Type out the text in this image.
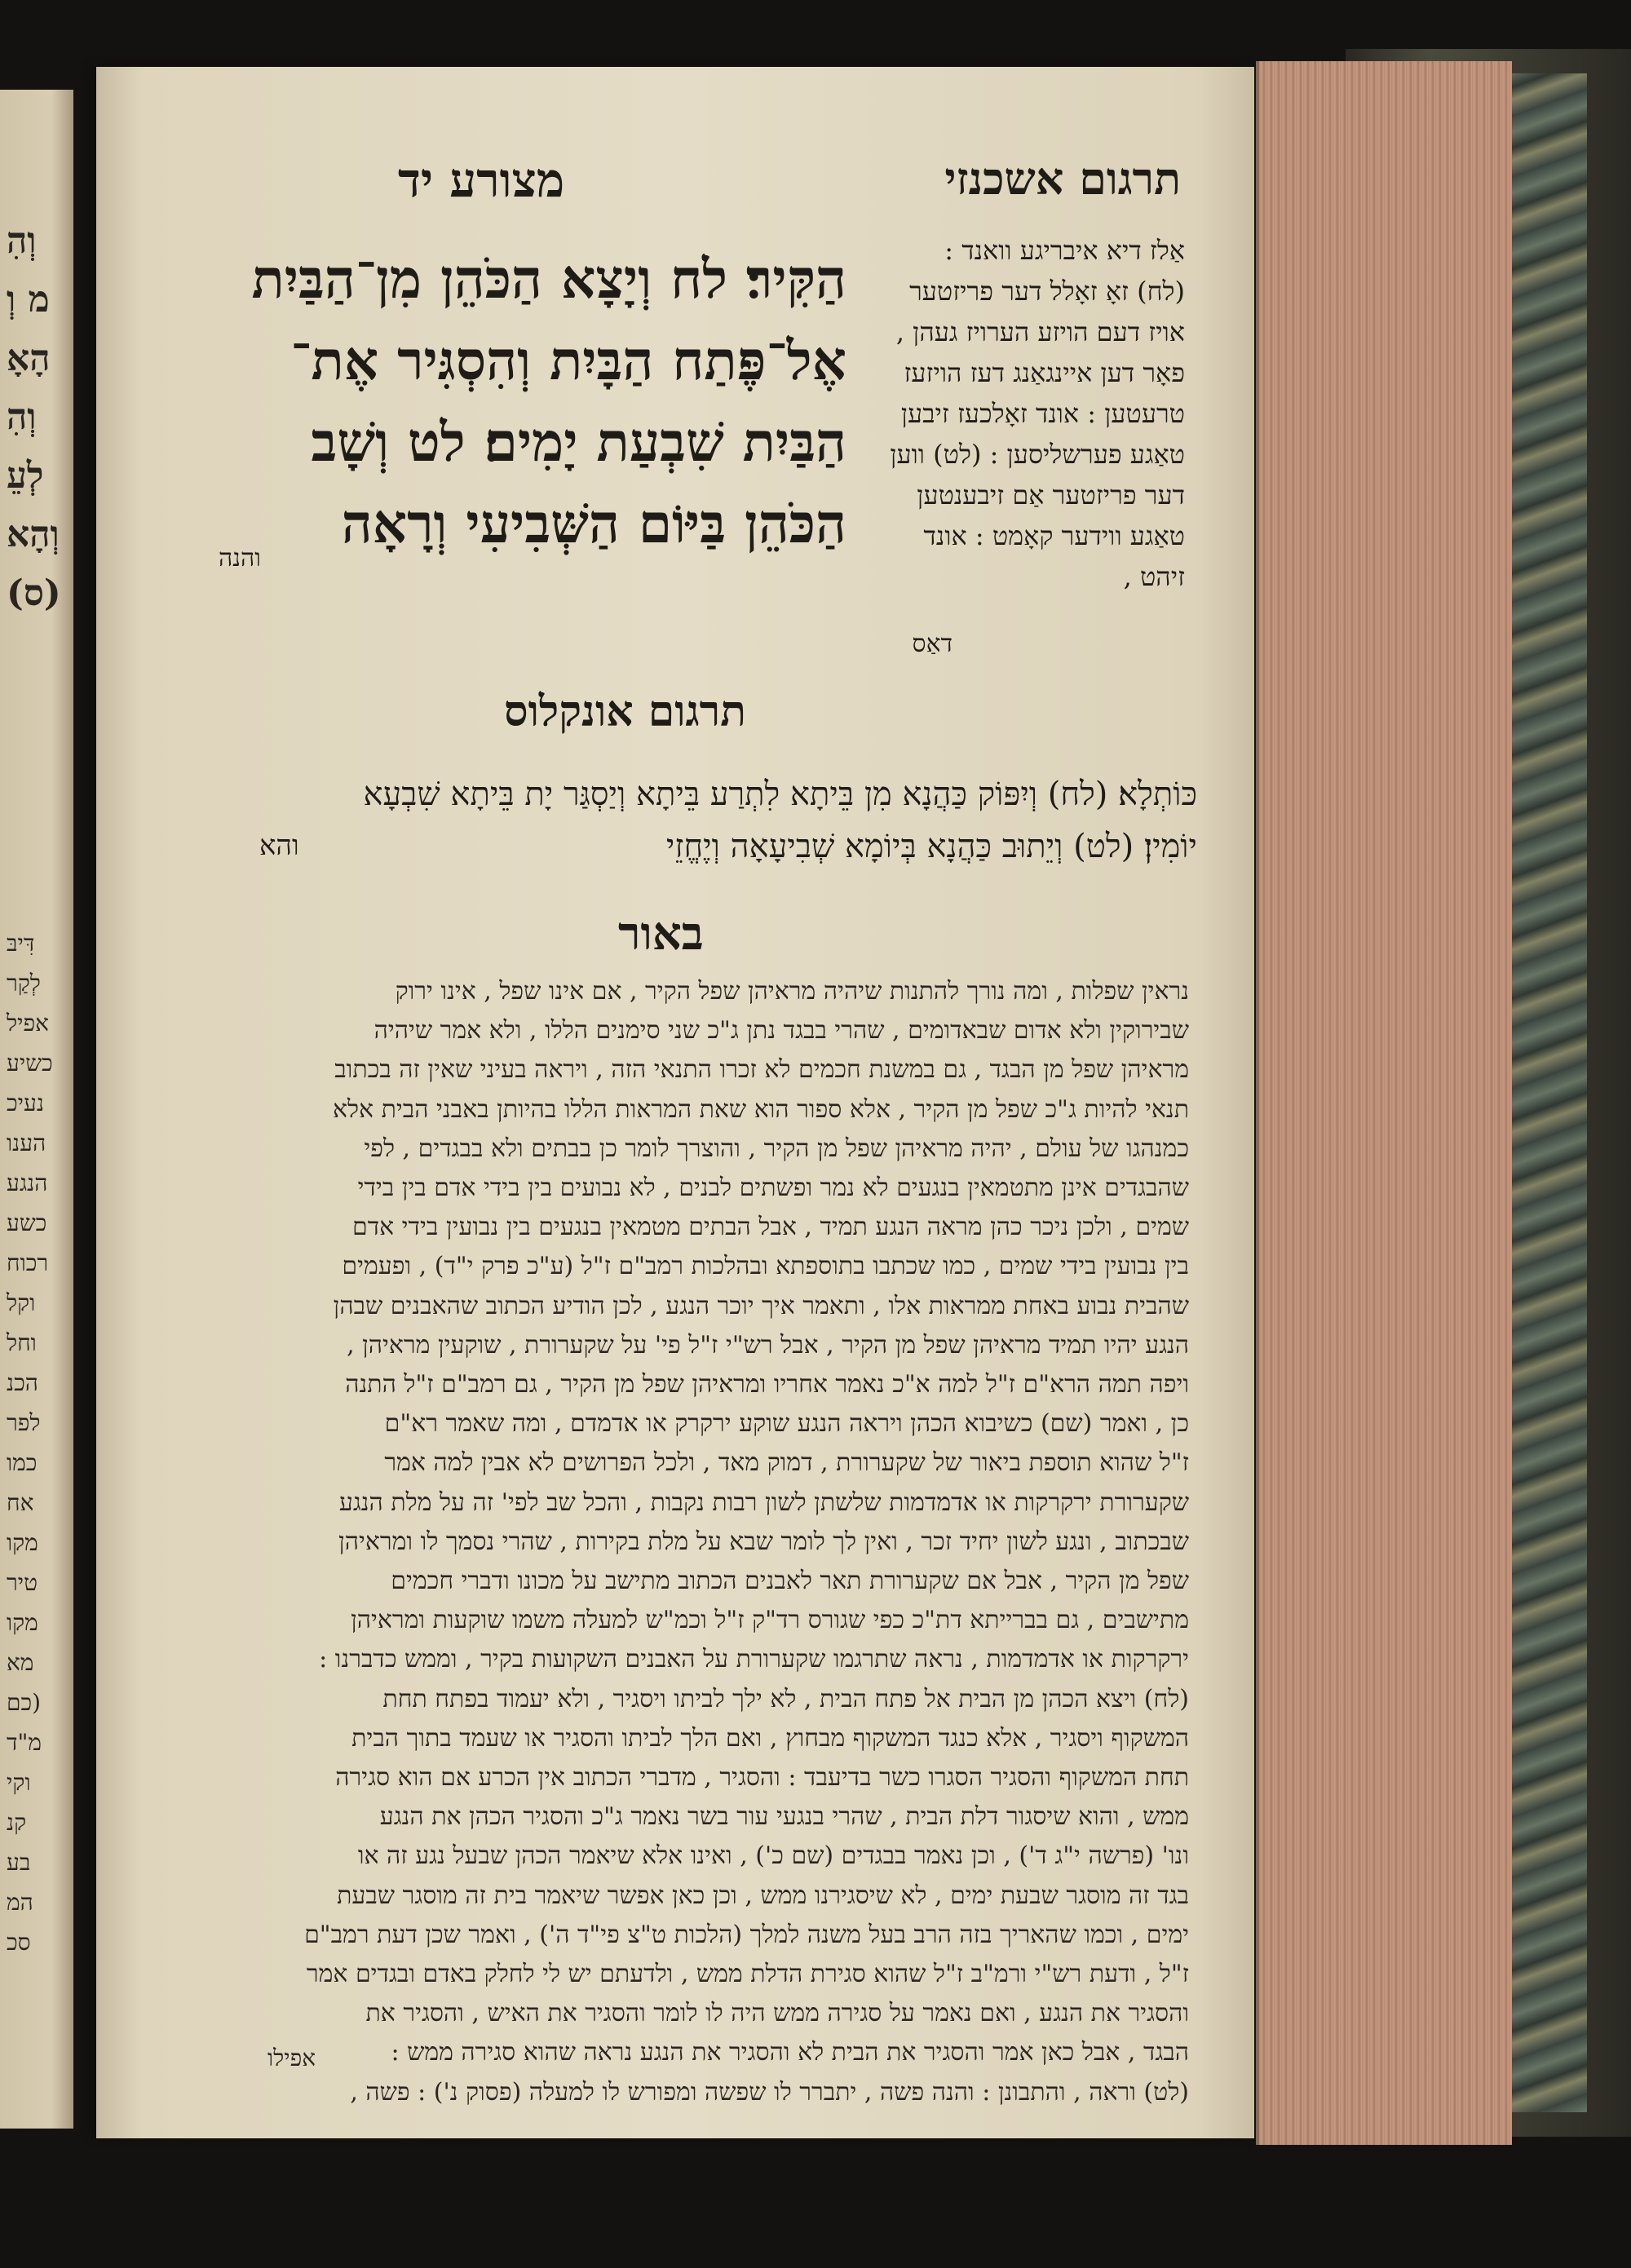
וְהִ
מ וְ
הָאָ
וְהִ
לְעֵ
וְהָא
(ס)
דִּיבּ
לְקַר
אפיל
כשיע
נעיכ
הענו
הנגע
כשע
רכוח
וקל
וחל
הכנ
לפר
כמו
אח
מקו
טיר
מקו
מא
(כם
מ"ד
וקי
קנ
בע
המ
סכ
מצורע יד	תרגום אשכנזי
הַקִּיר׃ לח וְיָצָא הַכֹּהֵן מִן־הַבַּיִת
אֶל־פֶּתַח הַבָּיִת וְהִסְגִּיר אֶת־
הַבַּיִת שִׁבְעַת יָמִים׃ לט וְשָׁב
הַכֹּהֵן בַּיּוֹם הַשְּׁבִיעִי וְרָאָה
והנה
אַלז דיא איבריגע וואנד :
(לח) זאָ זאָלל דער פריזטער
אויז דעם הויזע הערויז געהן ,
פאָר דען איינגאַנג דעז הויזעז
טרעטען : אונד זאָלכעז זיבען
טאַגע פערשליסען : (לט) ווען
דער פריזטער אַם זיבענטען
טאַגע ווידער קאָמט : אונד
זיהט ,
דאַס
תרגום אונקלוס
כּוֹתְלָא׃ (לח) וְיִפּוֹק כַּהֲנָא מִן בֵּיתָא לִתְרַע בֵּיתָא וְיַסְגַּר יָת בֵּיתָא שִׁבְעָא
יוֹמִין׃ (לט) וְיֵתוּב כַּהֲנָא בְּיוֹמָא שְׁבִיעָאָה וְיֶחֱזֵי
והא
באור
נראין שפלות , ומה נורך להתנות שיהיה מראיהן שפל הקיר , אם אינו שפל , אינו ירוק
שבירוקין ולא אדום שבאדומים , שהרי בבגד נתן ג"כ שני סימנים הללו , ולא אמר שיהיה
מראיהן שפל מן הבגד , גם במשנת חכמים לא זכרו התנאי הזה , ויראה בעיני שאין זה בכתוב
תנאי להיות ג"כ שפל מן הקיר , אלא ספור הוא שאת המראות הללו בהיותן באבני הבית אלא
כמנהגו של עולם , יהיה מראיהן שפל מן הקיר , והוצרך לומר כן בבתים ולא בבגדים , לפי
שהבגדים אינן מתטמאין בנגעים לא נמר ופשתים לבנים , לא נבועים בין בידי אדם בין בידי
שמים , ולכן ניכר כהן מראה הנגע תמיד , אבל הבתים מטמאין בנגעים בין נבועין בידי אדם
בין נבועין בידי שמים , כמו שכתבו בתוספתא ובהלכות רמב"ם ז"ל (ע"כ פרק י"ד) , ופעמים
שהבית נבוע באחת ממראות אלו , ותאמר איך יוכר הנגע , לכן הודיע הכתוב שהאבנים שבהן
הנגע יהיו תמיד מראיהן שפל מן הקיר , אבל רש"י ז"ל פי' על שקערורת , שוקעין מראיהן ,
ויפה תמה הרא"ם ז"ל למה א"כ נאמר אחריו ומראיהן שפל מן הקיר , גם רמב"ם ז"ל התנה
כן , ואמר (שם) כשיבוא הכהן ויראה הנגע שוקע ירקרק או אדמדם , ומה שאמר רא"ם
ז"ל שהוא תוספת ביאור של שקערורת , דמוק מאד , ולכל הפרושים לא אבין למה אמר
שקערורת ירקרקות או אדמדמות שלשתן לשון רבות נקבות , והכל שב לפי' זה על מלת הנגע
שבכתוב , ונגע לשון יחיד זכר , ואין לך לומר שבא על מלת בקירות , שהרי נסמך לו ומראיהן
שפל מן הקיר , אבל אם שקערורת תאר לאבנים הכתוב מתישב על מכונו ודברי חכמים
מתישבים , גם בברייתא דת"כ כפי שגורס רד"ק ז"ל וכמ"ש למעלה משמו שוקעות ומראיהן
ירקרקות או אדמדמות , נראה שתרגמו שקערורת על האבנים השקועות בקיר , וממש כדברנו :
(לח) ויצא הכהן מן הבית אל פתח הבית , לא ילך לביתו ויסגיר , ולא יעמוד בפתח תחת
המשקוף ויסגיר , אלא כנגד המשקוף מבחוץ , ואם הלך לביתו והסגיר או שעמד בתוך הבית
תחת המשקוף והסגיר הסגרו כשר בדיעבד : והסגיר , מדברי הכתוב אין הכרע אם הוא סגירה
ממש , והוא שיסגור דלת הבית , שהרי בנגעי עור בשר נאמר ג"כ והסגיר הכהן את הנגע
ונו' (פרשה י"ג ד') , וכן נאמר בבגדים (שם כ') , ואינו אלא שיאמר הכהן שבעל נגע זה או
בגד זה מוסגר שבעת ימים , לא שיסגירנו ממש , וכן כאן אפשר שיאמר בית זה מוסגר שבעת
ימים , וכמו שהאריך בזה הרב בעל משנה למלך (הלכות ט"צ פי"ד ה') , ואמר שכן דעת רמב"ם
ז"ל , ודעת רש"י ורמ"ב ז"ל שהוא סגירת הדלת ממש , ולדעתם יש לי לחלק באדם ובגדים אמר
והסגיר את הנגע , ואם נאמר על סגירה ממש היה לו לומר והסגיר את האיש , והסגיר את
הבגד , אבל כאן אמר והסגיר את הבית לא והסגיר את הנגע נראה שהוא סגירה ממש :
(לט) וראה , והתבונן : והנה פשה , יתברר לו שפשה ומפורש לו למעלה (פסוק נ') : פשה ,
אפילו
